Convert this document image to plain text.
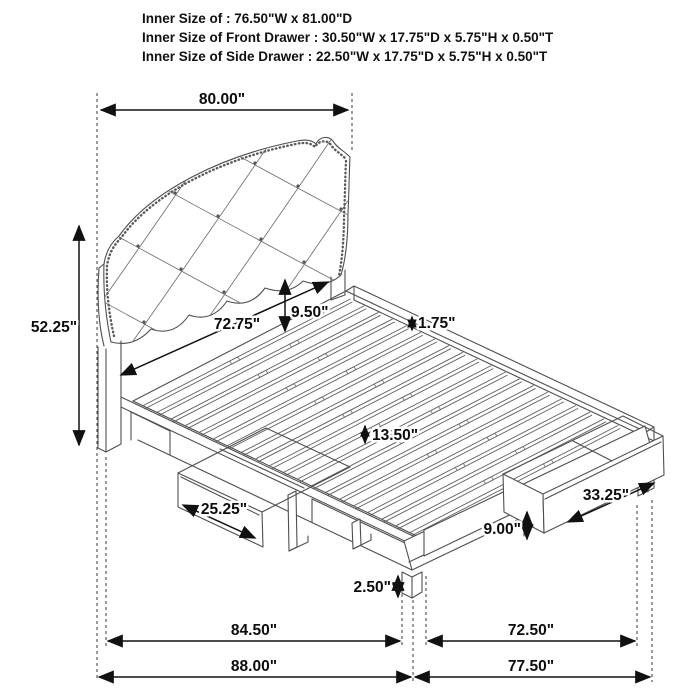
Inner Size of : 76.50"W x 81.00"D
Inner Size of Front Drawer : 30.50"W x 17.75"D x 5.75"H x 0.50"T
Inner Size of Side Drawer : 22.50"W x 17.75"D x 5.75"H x 0.50"T
80.00"
52.25"	72.75"
9.50"
1.75"
13.50"
25.25"
33.25"
9.00"
2.50"
84.50"
88.00"
72.50"
77.50"
